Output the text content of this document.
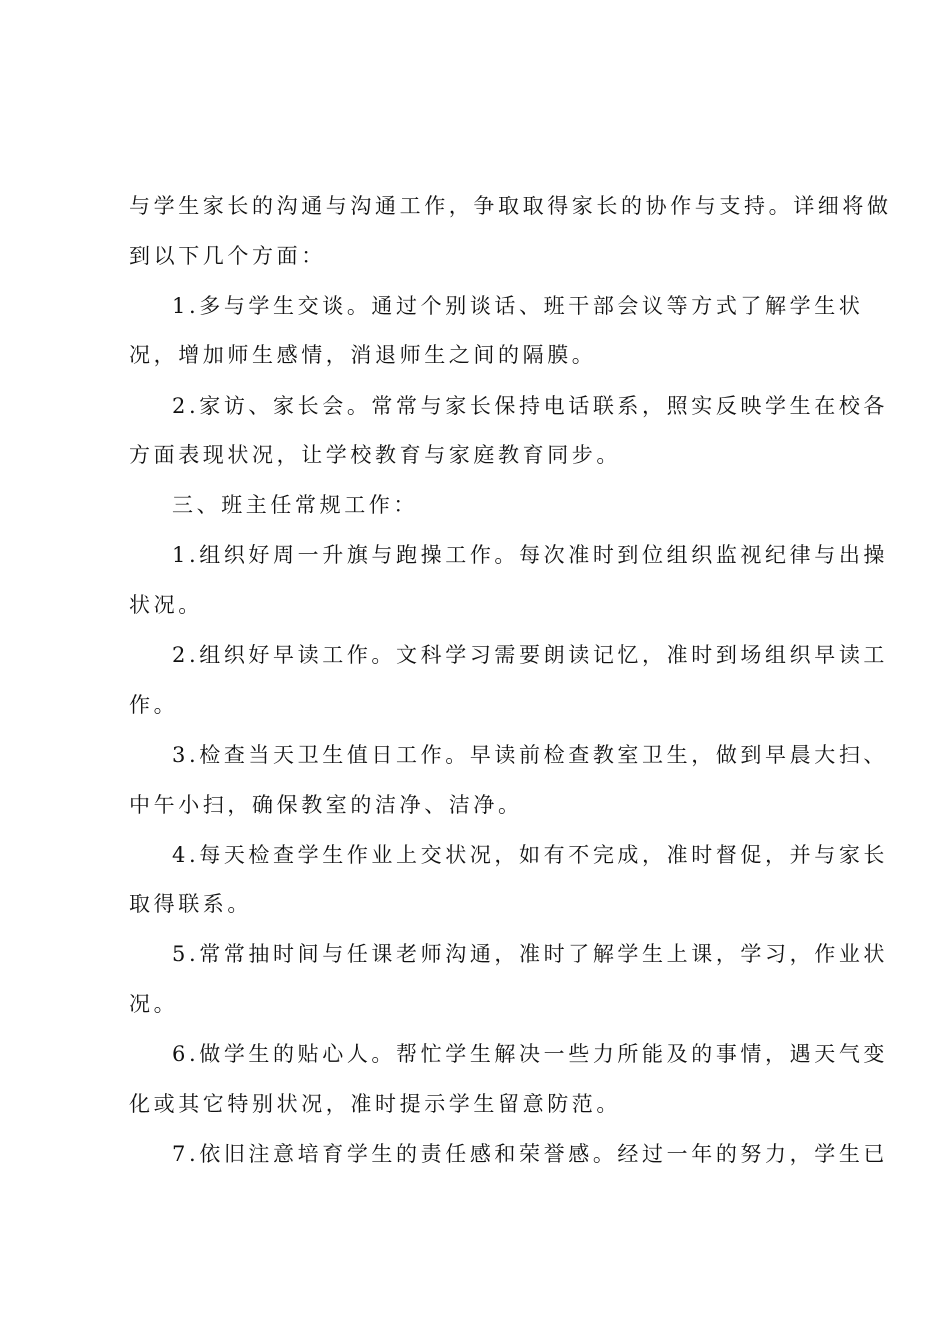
与学生家长的沟通与沟通工作，争取取得家长的协作与支持。详细将做
到以下几个方面：
1.多与学生交谈。通过个别谈话、班干部会议等方式了解学生状
况，增加师生感情，消退师生之间的隔膜。
2.家访、家长会。常常与家长保持电话联系，照实反映学生在校各
方面表现状况，让学校教育与家庭教育同步。
三、班主任常规工作：
1.组织好周一升旗与跑操工作。每次准时到位组织监视纪律与出操
状况。
2.组织好早读工作。文科学习需要朗读记忆，准时到场组织早读工
作。
3.检查当天卫生值日工作。早读前检查教室卫生，做到早晨大扫、
中午小扫，确保教室的洁净、洁净。
4.每天检查学生作业上交状况，如有不完成，准时督促，并与家长
取得联系。
5.常常抽时间与任课老师沟通，准时了解学生上课，学习，作业状
况。
6.做学生的贴心人。帮忙学生解决一些力所能及的事情，遇天气变
化或其它特别状况，准时提示学生留意防范。
7.依旧注意培育学生的责任感和荣誉感。经过一年的努力，学生已
